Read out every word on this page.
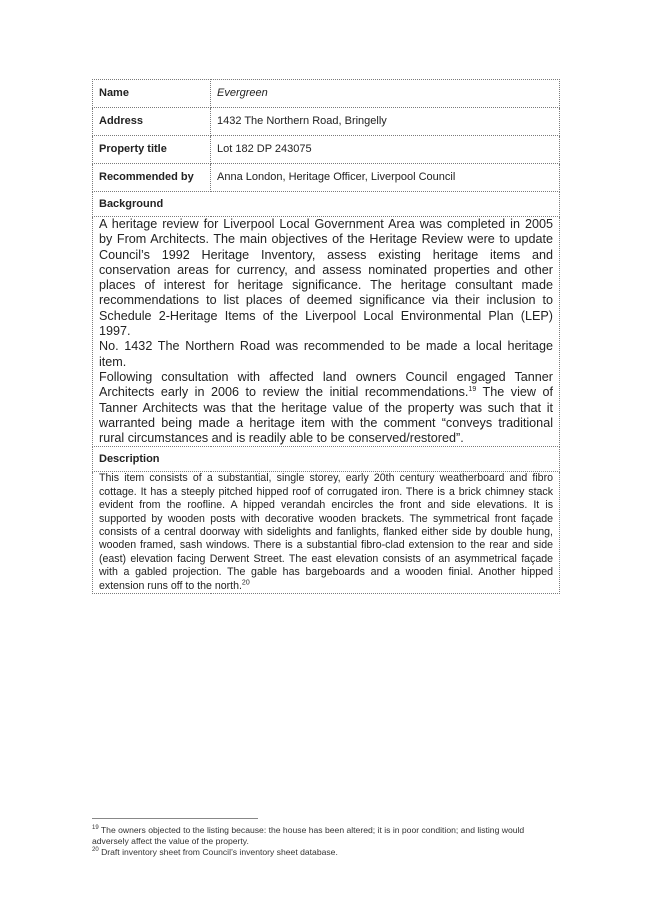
Name	Evergreen
Address	1432 The Northern Road, Bringelly
Property title	Lot 182 DP 243075
Recommended by	Anna London, Heritage Officer, Liverpool Council
Background	

A heritage review for Liverpool Local Government Area was completed in 2005 by From Architects. The main objectives of the Heritage Review were to update Council’s 1992 Heritage Inventory, assess existing heritage items and conservation areas for currency, and assess nominated properties and other places of interest for heritage significance. The heritage consultant made recommendations to list places of deemed significance via their inclusion to Schedule 2-Heritage Items of the Liverpool Local Environmental Plan (LEP) 1997.

No. 1432 The Northern Road was recommended to be made a local heritage item.

Following consultation with affected land owners Council engaged Tanner Architects early in 2006 to review the initial recommendations.$^{19}$ The view of Tanner Architects was that the heritage value of the property was such that it warranted being made a heritage item with the comment “conveys traditional rural circumstances and is readily able to be conserved/restored”.	

Description	

This item consists of a substantial, single storey, early 20th century weatherboard and fibro cottage. It has a steeply pitched hipped roof of corrugated iron. There is a brick chimney stack evident from the roofline. A hipped verandah encircles the front and side elevations. It is supported by wooden posts with decorative wooden brackets. The symmetrical front façade consists of a central doorway with sidelights and fanlights, flanked either side by double hung, wooden framed, sash windows. There is a substantial fibro-clad extension to the rear and side (east) elevation facing Derwent Street. The east elevation consists of an asymmetrical façade with a gabled projection. The gable has bargeboards and a wooden finial. Another hipped extension runs off to the north.$^{20}$

$^{19}$ The owners objected to the listing because: the house has been altered; it is in poor condition; and listing would adversely affect the value of the property.

$^{20}$ Draft inventory sheet from Council’s inventory sheet database.
